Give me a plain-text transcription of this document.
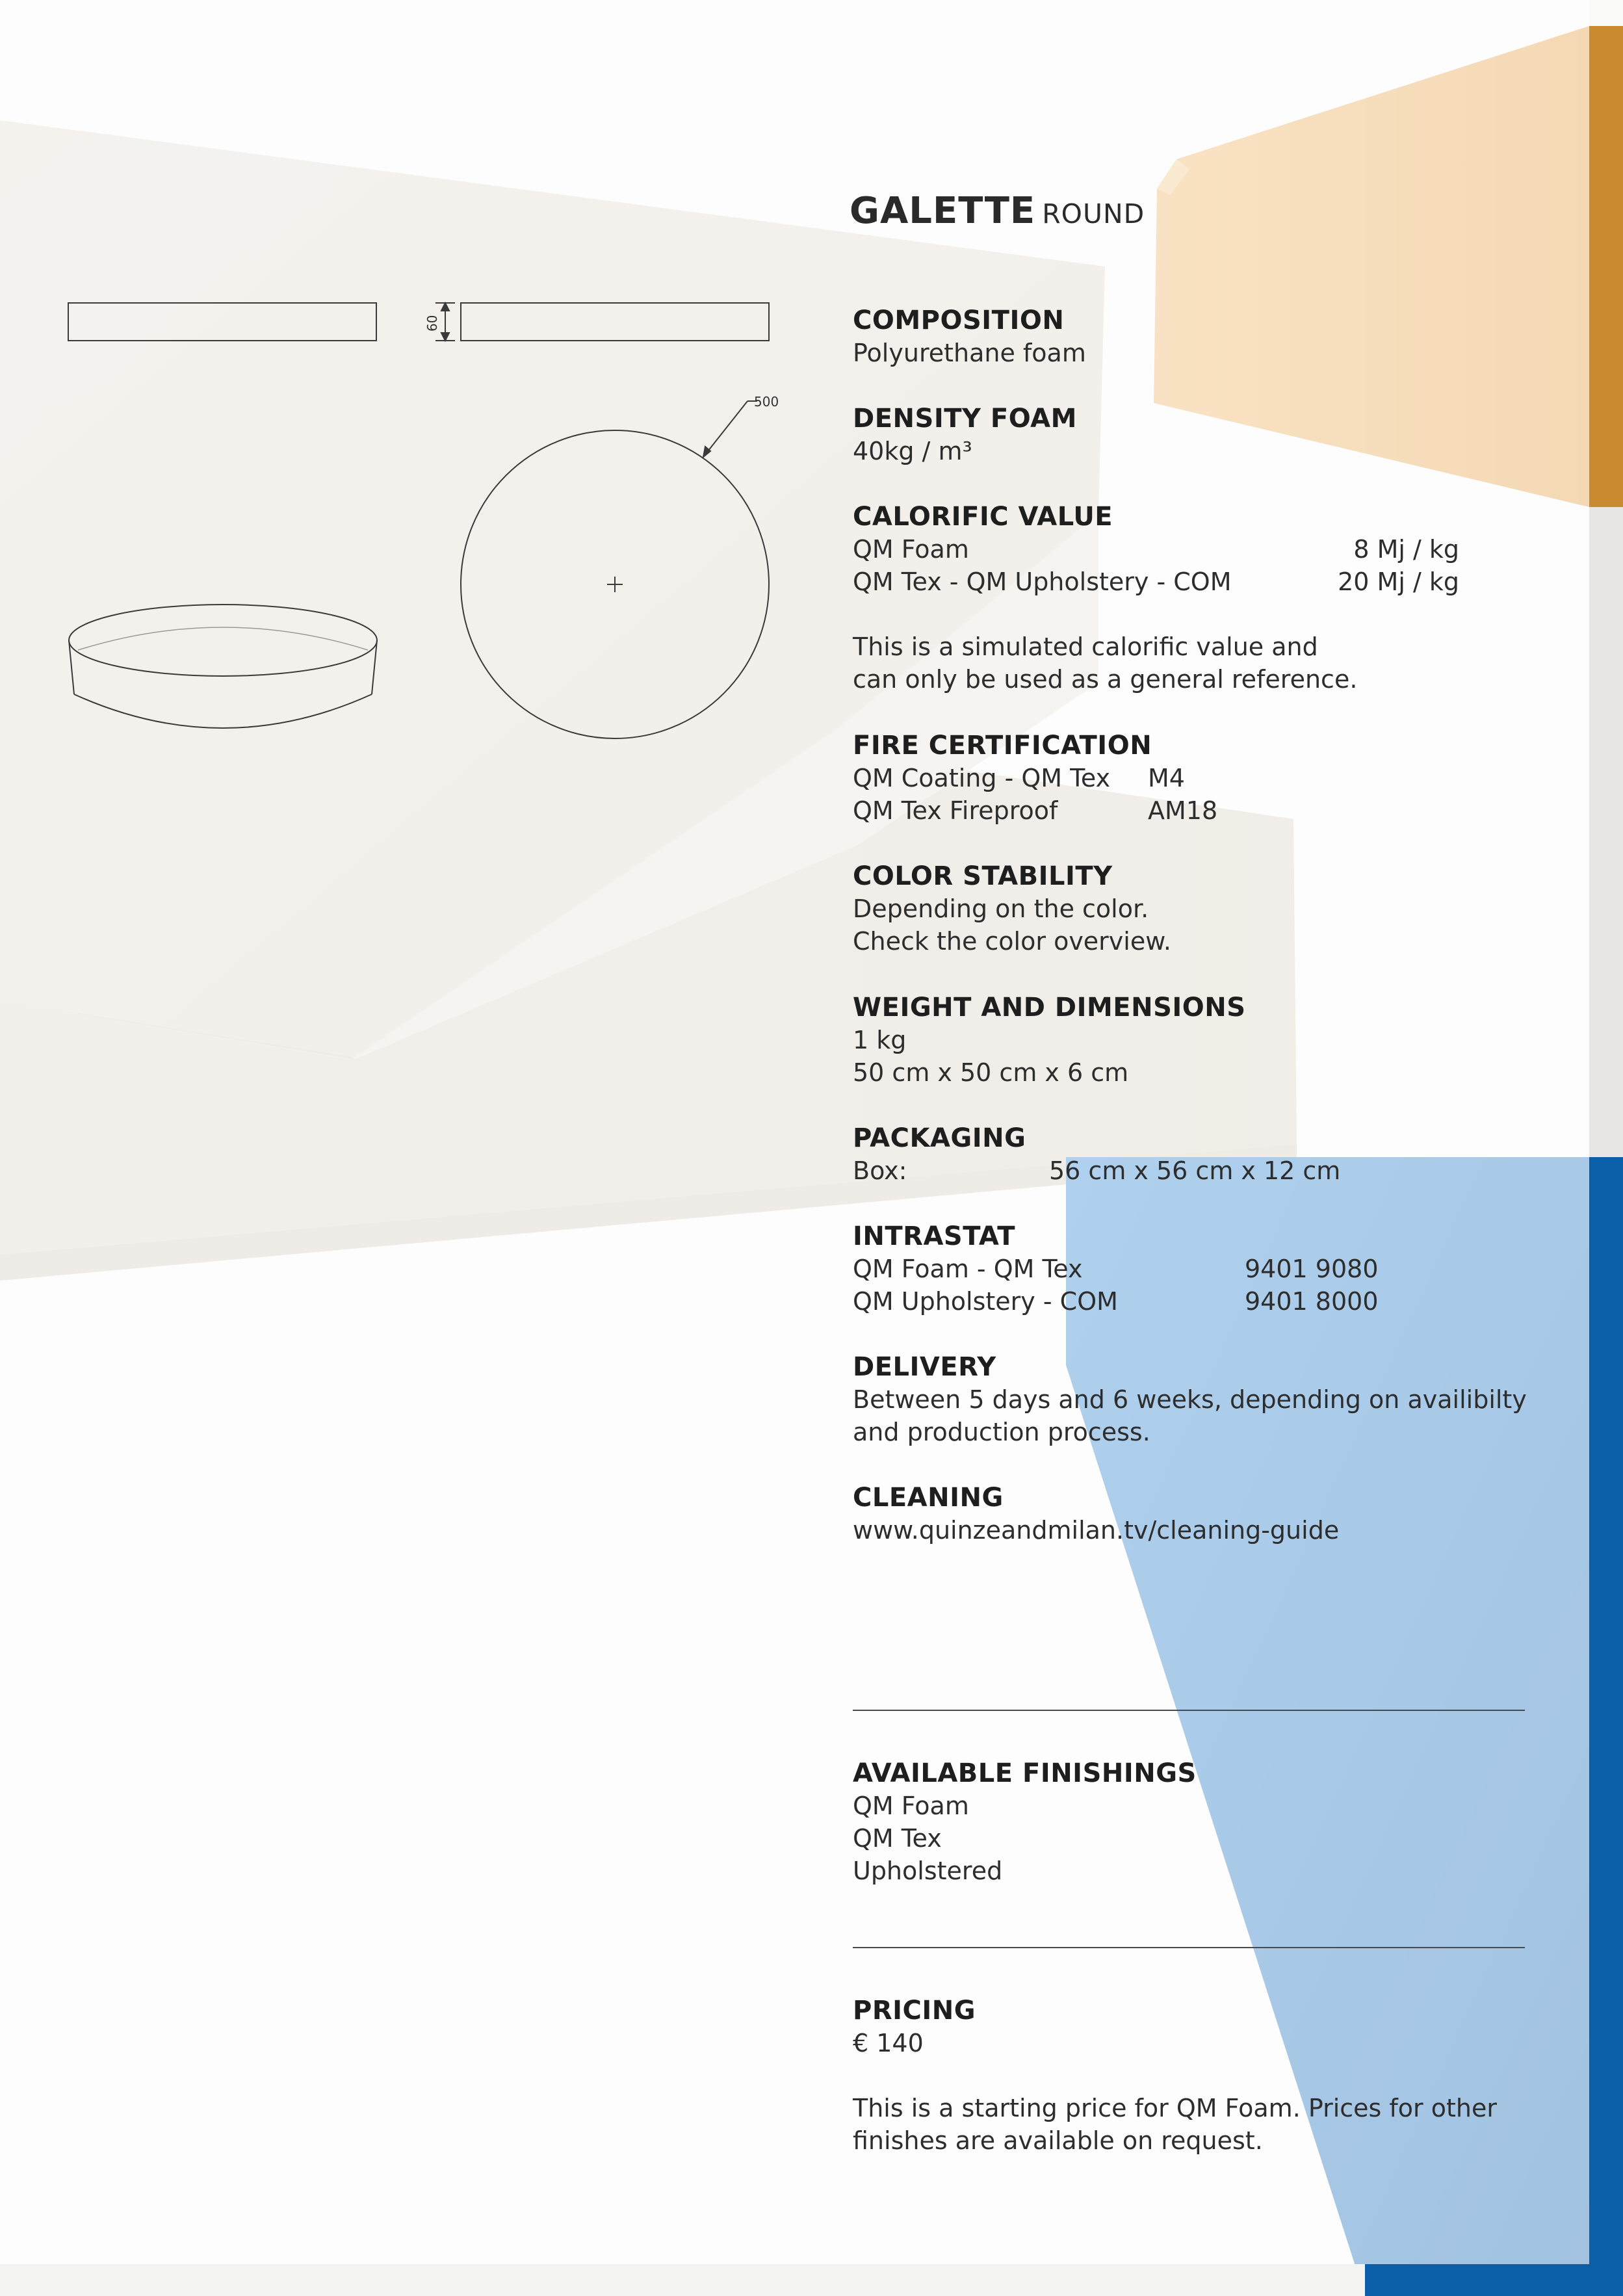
60
500
GALETTE ROUND
COMPOSITION
Polyurethane foam
DENSITY FOAM
40kg / m³
CALORIFIC VALUE
QM Foam	8 Mj / kg
QM Tex - QM Upholstery - COM	20 Mj / kg
This is a simulated calorific value and
can only be used as a general reference.
FIRE CERTIFICATION
QM Coating - QM Tex M4
QM Tex Fireproof	AM18
COLOR STABILITY
Depending on the color.
Check the color overview.
WEIGHT AND DIMENSIONS
1 kg
50 cm x 50 cm x 6 cm
PACKAGING
Box:	56 cm x 56 cm x 12 cm
INTRASTAT
QM Foam - QM Tex	9401 9080
QM Upholstery - COM	9401 8000
DELIVERY
Between 5 days and 6 weeks, depending on availibilty
and production process.
CLEANING
www.quinzeandmilan.tv/cleaning-guide
AVAILABLE FINISHINGS
QM Foam
QM Tex
Upholstered
PRICING
€ 140
This is a starting price for QM Foam. Prices for other
finishes are available on request.
